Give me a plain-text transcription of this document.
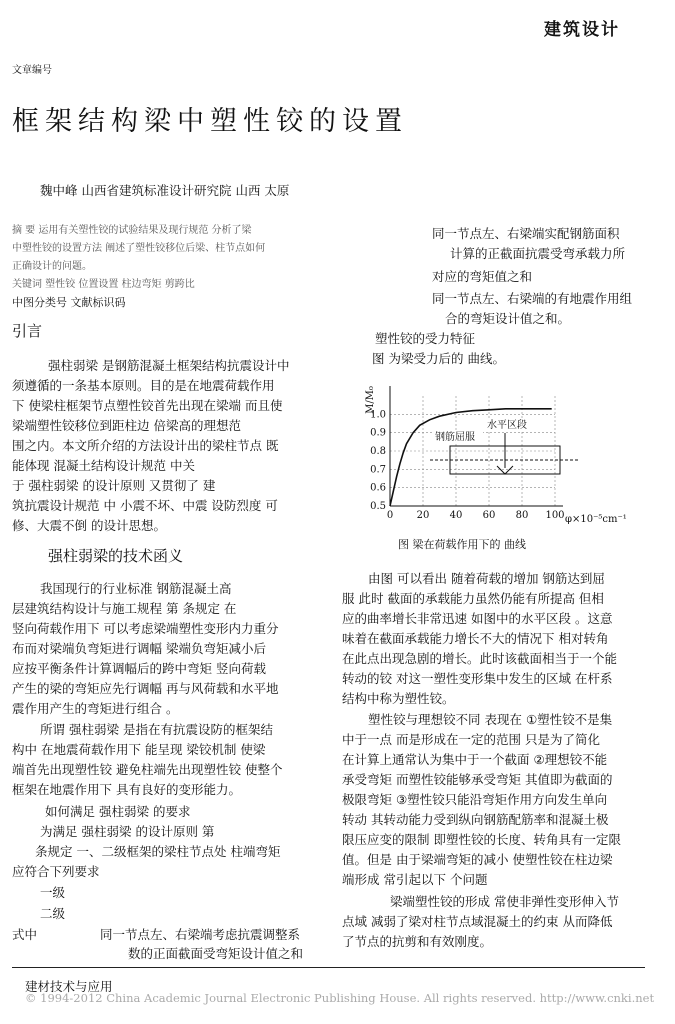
建筑设计
文章编号
框架结构梁中塑性铰的设置
魏中峰 山西省建筑标准设计研究院 山西 太原
摘 要 运用有关塑性铰的试验结果及现行规范 分析了梁
中塑性铰的设置方法 阐述了塑性铰移位后梁、柱节点如何
正确设计的问题。
关键词 塑性铰 位置设置 柱边弯矩 剪跨比
中图分类号 文献标识码
引言
强柱弱梁 是钢筋混凝土框架结构抗震设计中
须遵循的一条基本原则。目的是在地震荷载作用
下 使梁柱框架节点塑性铰首先出现在梁端 而且使
梁端塑性铰移位到距柱边 倍梁高的理想范
围之内。本文所介绍的方法设计出的梁柱节点 既
能体现 混凝土结构设计规范 中关
于 强柱弱梁 的设计原则 又贯彻了 建
筑抗震设计规范 中 小震不坏、中震 设防烈度 可
修、大震不倒 的设计思想。
强柱弱梁的技术函义
我国现行的行业标准 钢筋混凝土高
层建筑结构设计与施工规程 第 条规定 在
竖向荷载作用下 可以考虑梁端塑性变形内力重分
布而对梁端负弯矩进行调幅 梁端负弯矩减小后
应按平衡条件计算调幅后的跨中弯矩 竖向荷载
产生的梁的弯矩应先行调幅 再与风荷载和水平地
震作用产生的弯矩进行组合 。
所谓 强柱弱梁 是指在有抗震设防的框架结
构中 在地震荷载作用下 能呈现 梁铰机制 使梁
端首先出现塑性铰 避免柱端先出现塑性铰 使整个
框架在地震作用下 具有良好的变形能力。
如何满足 强柱弱梁 的要求
为满足 强柱弱梁 的设计原则 第
条规定 一、二级框架的梁柱节点处 柱端弯矩
应符合下列要求
一级
二级
式中	同一节点左、右梁端考虑抗震调整系
数的正面截面受弯矩设计值之和
同一节点左、右梁端实配钢筋面积
计算的正截面抗震受弯承载力所
对应的弯矩值之和
同一节点左、右梁端的有地震作用组
合的弯矩设计值之和。
塑性铰的受力特征
图 为梁受力后的 曲线。
0 20 40 60 80 100
0.5
0.6
0.7
0.8
0.9
1.0
M/M₀
φ×10⁻⁵cm⁻¹
钢筋屈服
水平区段
图 梁在荷载作用下的 曲线
由图 可以看出 随着荷载的增加 钢筋达到屈
服 此时 截面的承载能力虽然仍能有所提高 但相
应的曲率增长非常迅速 如图中的水平区段 。这意
味着在截面承载能力增长不大的情况下 相对转角
在此点出现急剧的增长。此时该截面相当于一个能
转动的铰 对这一塑性变形集中发生的区域 在杆系
结构中称为塑性铰。
塑性铰与理想铰不同 表现在 ①塑性铰不是集
中于一点 而是形成在一定的范围 只是为了简化
在计算上通常认为集中于一个截面 ②理想铰不能
承受弯矩 而塑性铰能够承受弯矩 其值即为截面的
极限弯矩 ③塑性铰只能沿弯矩作用方向发生单向
转动 其转动能力受到纵向钢筋配筋率和混凝土极
限压应变的限制 即塑性铰的长度、转角具有一定限
值。但是 由于梁端弯矩的减小 使塑性铰在柱边梁
端形成 常引起以下 个问题
梁端塑性铰的形成 常使非弹性变形伸入节
点域 减弱了梁对柱节点域混凝土的约束 从而降低
了节点的抗剪和有效刚度。
建材技术与应用
© 1994-2012 China Academic Journal Electronic Publishing House. All rights reserved. http://www.cnki.net
